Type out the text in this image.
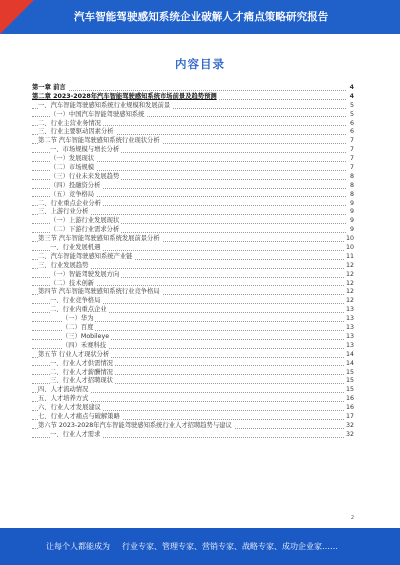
汽车智能驾驶感知系统企业破解人才痛点策略研究报告
内容目录
第一章 前言	4
第二章 2023-2028年汽车智能驾驶感知系统市场前景及趋势预测	4
一、汽车智能驾驶感知系统行业规模和发展前景	5
（一）中国汽车智能驾驶感知系统	5
二、行业主营业务情况	6
三、行业主要驱动因素分析	6
第二节 汽车智能驾驶感知系统行业现状分析	7
一、市场规模与增长分析	7
（一）发展现状	7
（二）市场规模	7
（三）行业未来发展趋势	8
（四）投融资分析	8
（五）竞争格局	8
二、行业重点企业分析	9
三、上游行业分析	9
（一）上游行业发展现状	9
（二）下游行业需求分析	9
第三节 汽车智能驾驶感知系统发展前景分析	10
一、行业发展机遇	10
二、汽车智能驾驶感知系统产业链	11
三、行业发展趋势	12
（一）智能驾驶发展方向	12
（二）技术创新	12
第四节 汽车智能驾驶感知系统行业竞争格局	12
一、行业竞争格局	12
二、行业内重点企业	13
（一）华为	13
（二）百度	13
（三）Mobileye	13
（四）禾赛科技	13
第五节 行业人才现状分析	14
一、行业人才供需情况	14
二、行业人才薪酬情况	15
三、行业人才招聘现状	15
四、人才流动情况	15
五、人才培养方式	16
六、行业人才发展建议	16
七、行业人才痛点与破解策略	17
第六节 2023-2028年汽车智能驾驶感知系统行业人才招聘趋势与建议	32
一、行业人才需求	32
2
让每个人都能成为 行业专家、管理专家、营销专家、战略专家、成功企业家……
